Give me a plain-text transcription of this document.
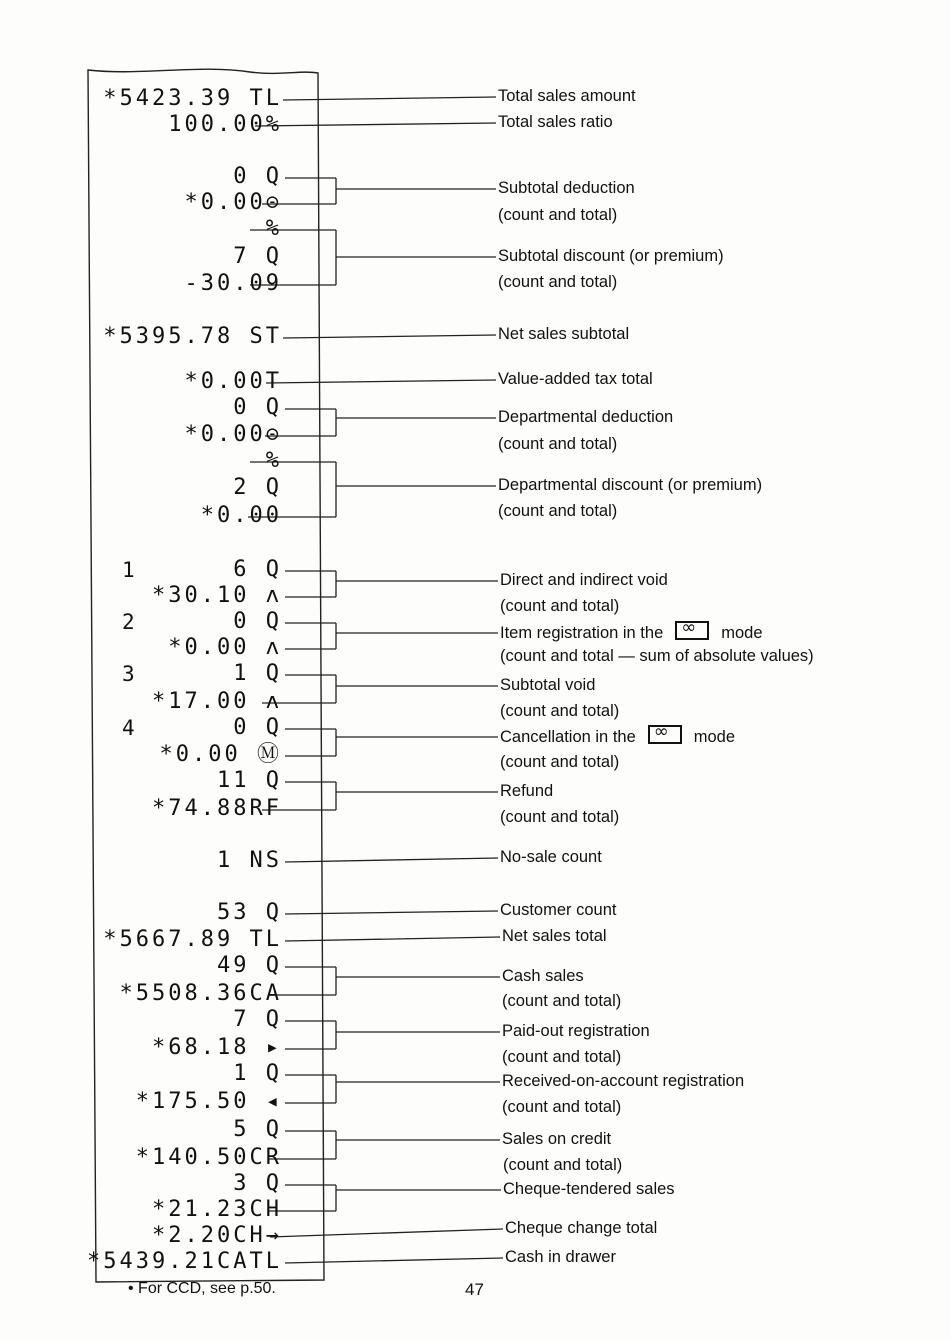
*5423.39 TL
100.00%
0 Q
*0.00⊝
%
7 Q
-30.09
*5395.78 ST
*0.00T
0 Q
*0.00⊝
%
2 Q
*0.00
6 Q
1
*30.10 ʌ
0 Q
2
*0.00 ʌ
1 Q
3
*17.00 ʌ
0 Q
4
*0.00 Ⓜ
11 Q
*74.88RF
1 NS
53 Q
*5667.89 TL
49 Q
*5508.36CA
7 Q
*68.18 ▸
1 Q
*175.50 ◂
5 Q
*140.50CR
3 Q
*21.23CH
*2.20CH→
*5439.21CATL
Total sales amount
Total sales ratio
Subtotal deduction
(count and total)
Subtotal discount (or premium)
(count and total)
Net sales subtotal
Value-added tax total
Departmental deduction
(count and total)
Departmental discount (or premium)
(count and total)
Direct and indirect void
(count and total)
Item registration in the ∞	mode
(count and total — sum of absolute values)
Subtotal void
(count and total)
Cancellation in the ∞	mode
(count and total)
Refund
(count and total)
No-sale count
Customer count
Net sales total
Cash sales
(count and total)
Paid-out registration
(count and total)
Received-on-account registration
(count and total)
Sales on credit
(count and total)
Cheque-tendered sales
Cheque change total
Cash in drawer
• For CCD, see p.50.	47
